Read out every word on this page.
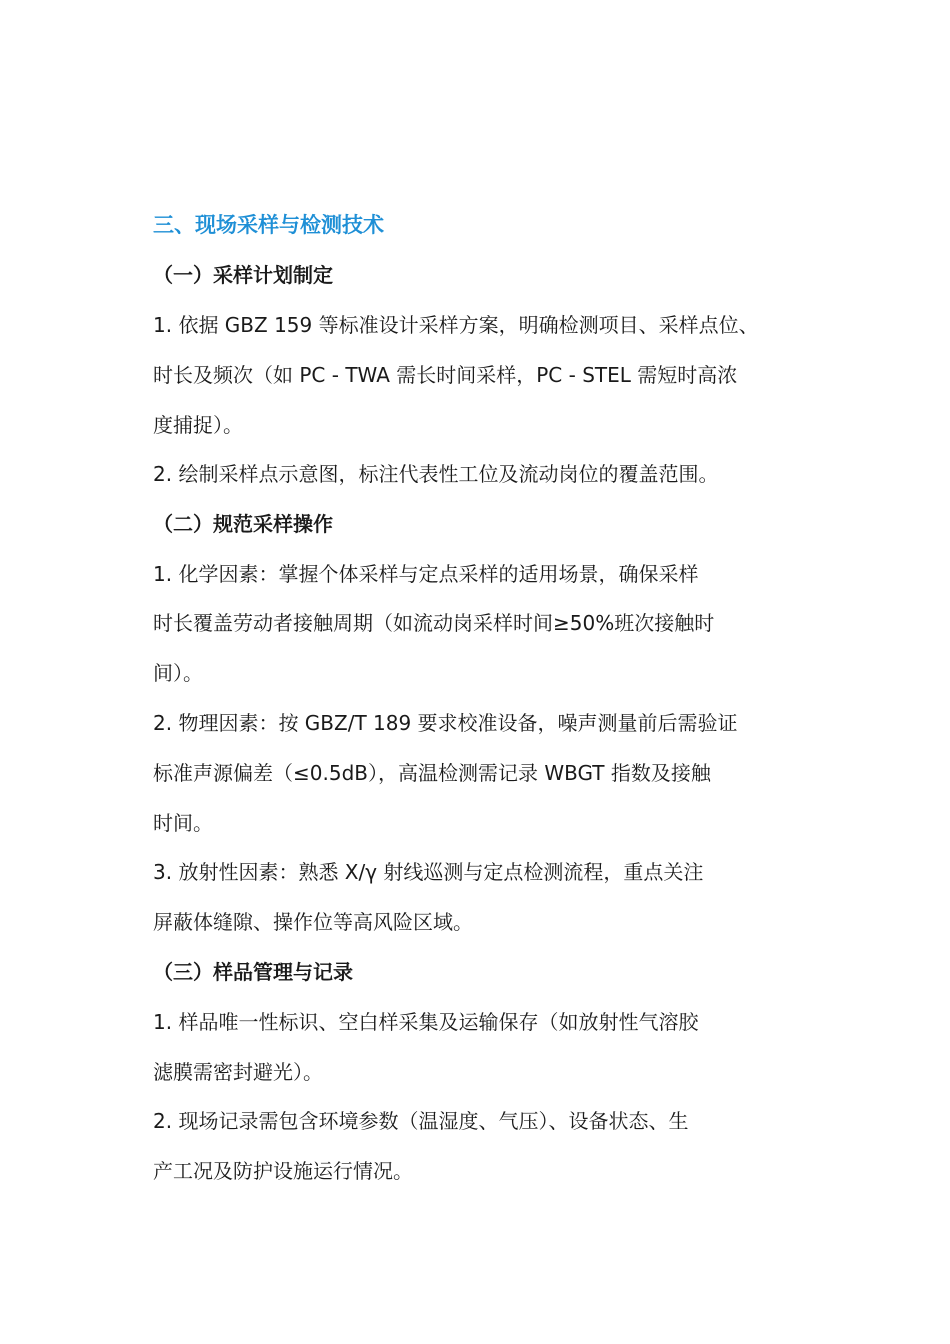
三、现场采样与检测技术
（一）采样计划制定
1. 依据 GBZ 159 等标准设计采样方案，明确检测项目、采样点位、
时长及频次（如 PC - TWA 需长时间采样，PC - STEL 需短时高浓
度捕捉）。
2. 绘制采样点示意图，标注代表性工位及流动岗位的覆盖范围。
（二）规范采样操作
1. 化学因素：掌握个体采样与定点采样的适用场景，确保采样
时长覆盖劳动者接触周期（如流动岗采样时间≥50%班次接触时
间）。
2. 物理因素：按 GBZ/T 189 要求校准设备，噪声测量前后需验证
标准声源偏差（≤0.5dB），高温检测需记录 WBGT 指数及接触
时间。
3. 放射性因素：熟悉 X/γ 射线巡测与定点检测流程，重点关注
屏蔽体缝隙、操作位等高风险区域。
（三）样品管理与记录
1. 样品唯一性标识、空白样采集及运输保存（如放射性气溶胶
滤膜需密封避光）。
2. 现场记录需包含环境参数（温湿度、气压）、设备状态、生
产工况及防护设施运行情况。
